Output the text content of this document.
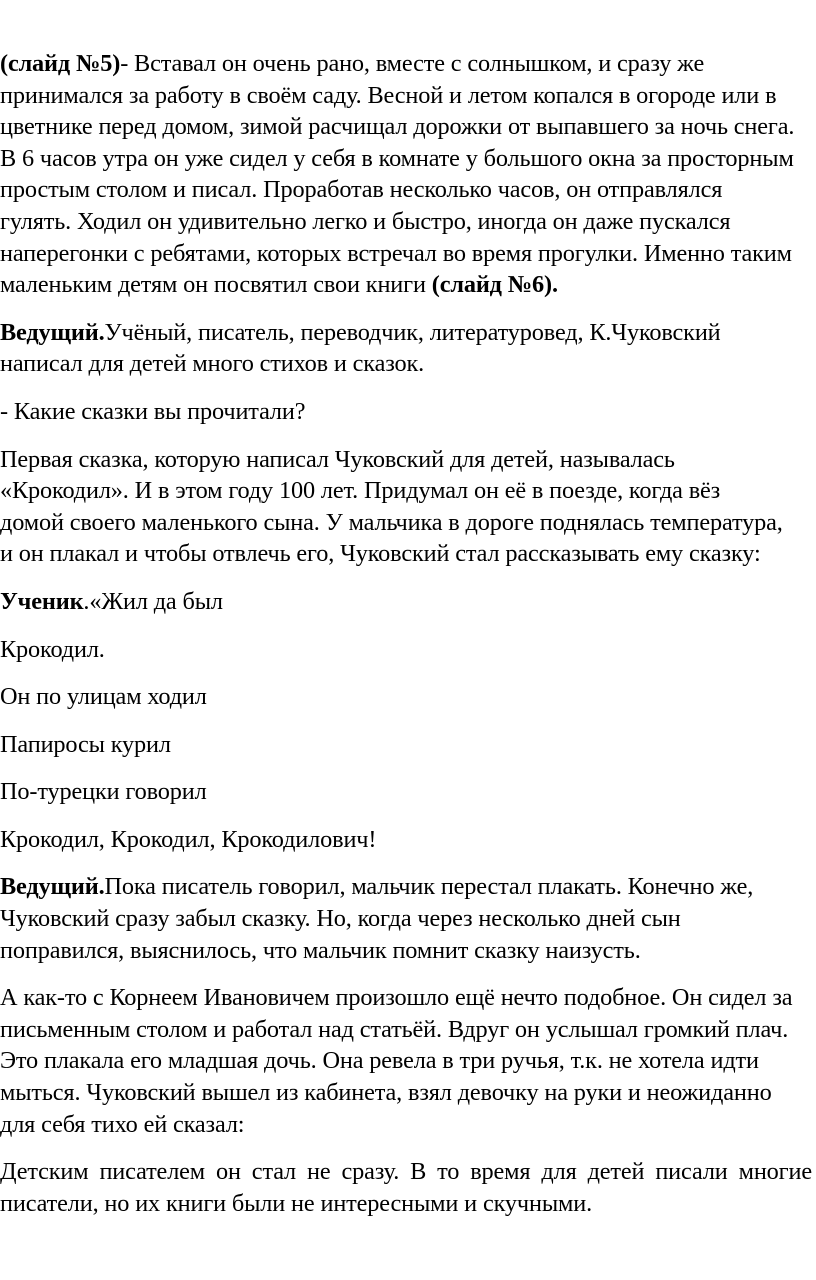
(слайд №5)- Вставал он очень рано, вместе с солнышком, и сразу же
принимался за работу в своём саду. Весной и летом копался в огороде или в
цветнике перед домом, зимой расчищал дорожки от выпавшего за ночь снега.
В 6 часов утра он уже сидел у себя в комнате у большого окна за просторным
простым столом и писал. Проработав несколько часов, он отправлялся
гулять. Ходил он удивительно легко и быстро, иногда он даже пускался
наперегонки с ребятами, которых встречал во время прогулки. Именно таким
маленьким детям он посвятил свои книги (слайд №6).

Ведущий.Учёный, писатель, переводчик, литературовед, К.Чуковский
написал для детей много стихов и сказок.

- Какие сказки вы прочитали?

Первая сказка, которую написал Чуковский для детей, называлась
«Крокодил». И в этом году 100 лет. Придумал он её в поезде, когда вёз
домой своего маленького сына. У мальчика в дороге поднялась температура,
и он плакал и чтобы отвлечь его, Чуковский стал рассказывать ему сказку:

Ученик.«Жил да был

Крокодил.

Он по улицам ходил

Папиросы курил

По-турецки говорил

Крокодил, Крокодил, Крокодилович!

Ведущий.Пока писатель говорил, мальчик перестал плакать. Конечно же,
Чуковский сразу забыл сказку. Но, когда через несколько дней сын
поправился, выяснилось, что мальчик помнит сказку наизусть.

А как-то с Корнеем Ивановичем произошло ещё нечто подобное. Он сидел за
письменным столом и работал над статьёй. Вдруг он услышал громкий плач.
Это плакала его младшая дочь. Она ревела в три ручья, т.к. не хотела идти
мыться. Чуковский вышел из кабинета, взял девочку на руки и неожиданно
для себя тихо ей сказал:

Детским писателем он стал не сразу. В то время для детей писали многие писатели, но их книги были не интересными и скучными.
